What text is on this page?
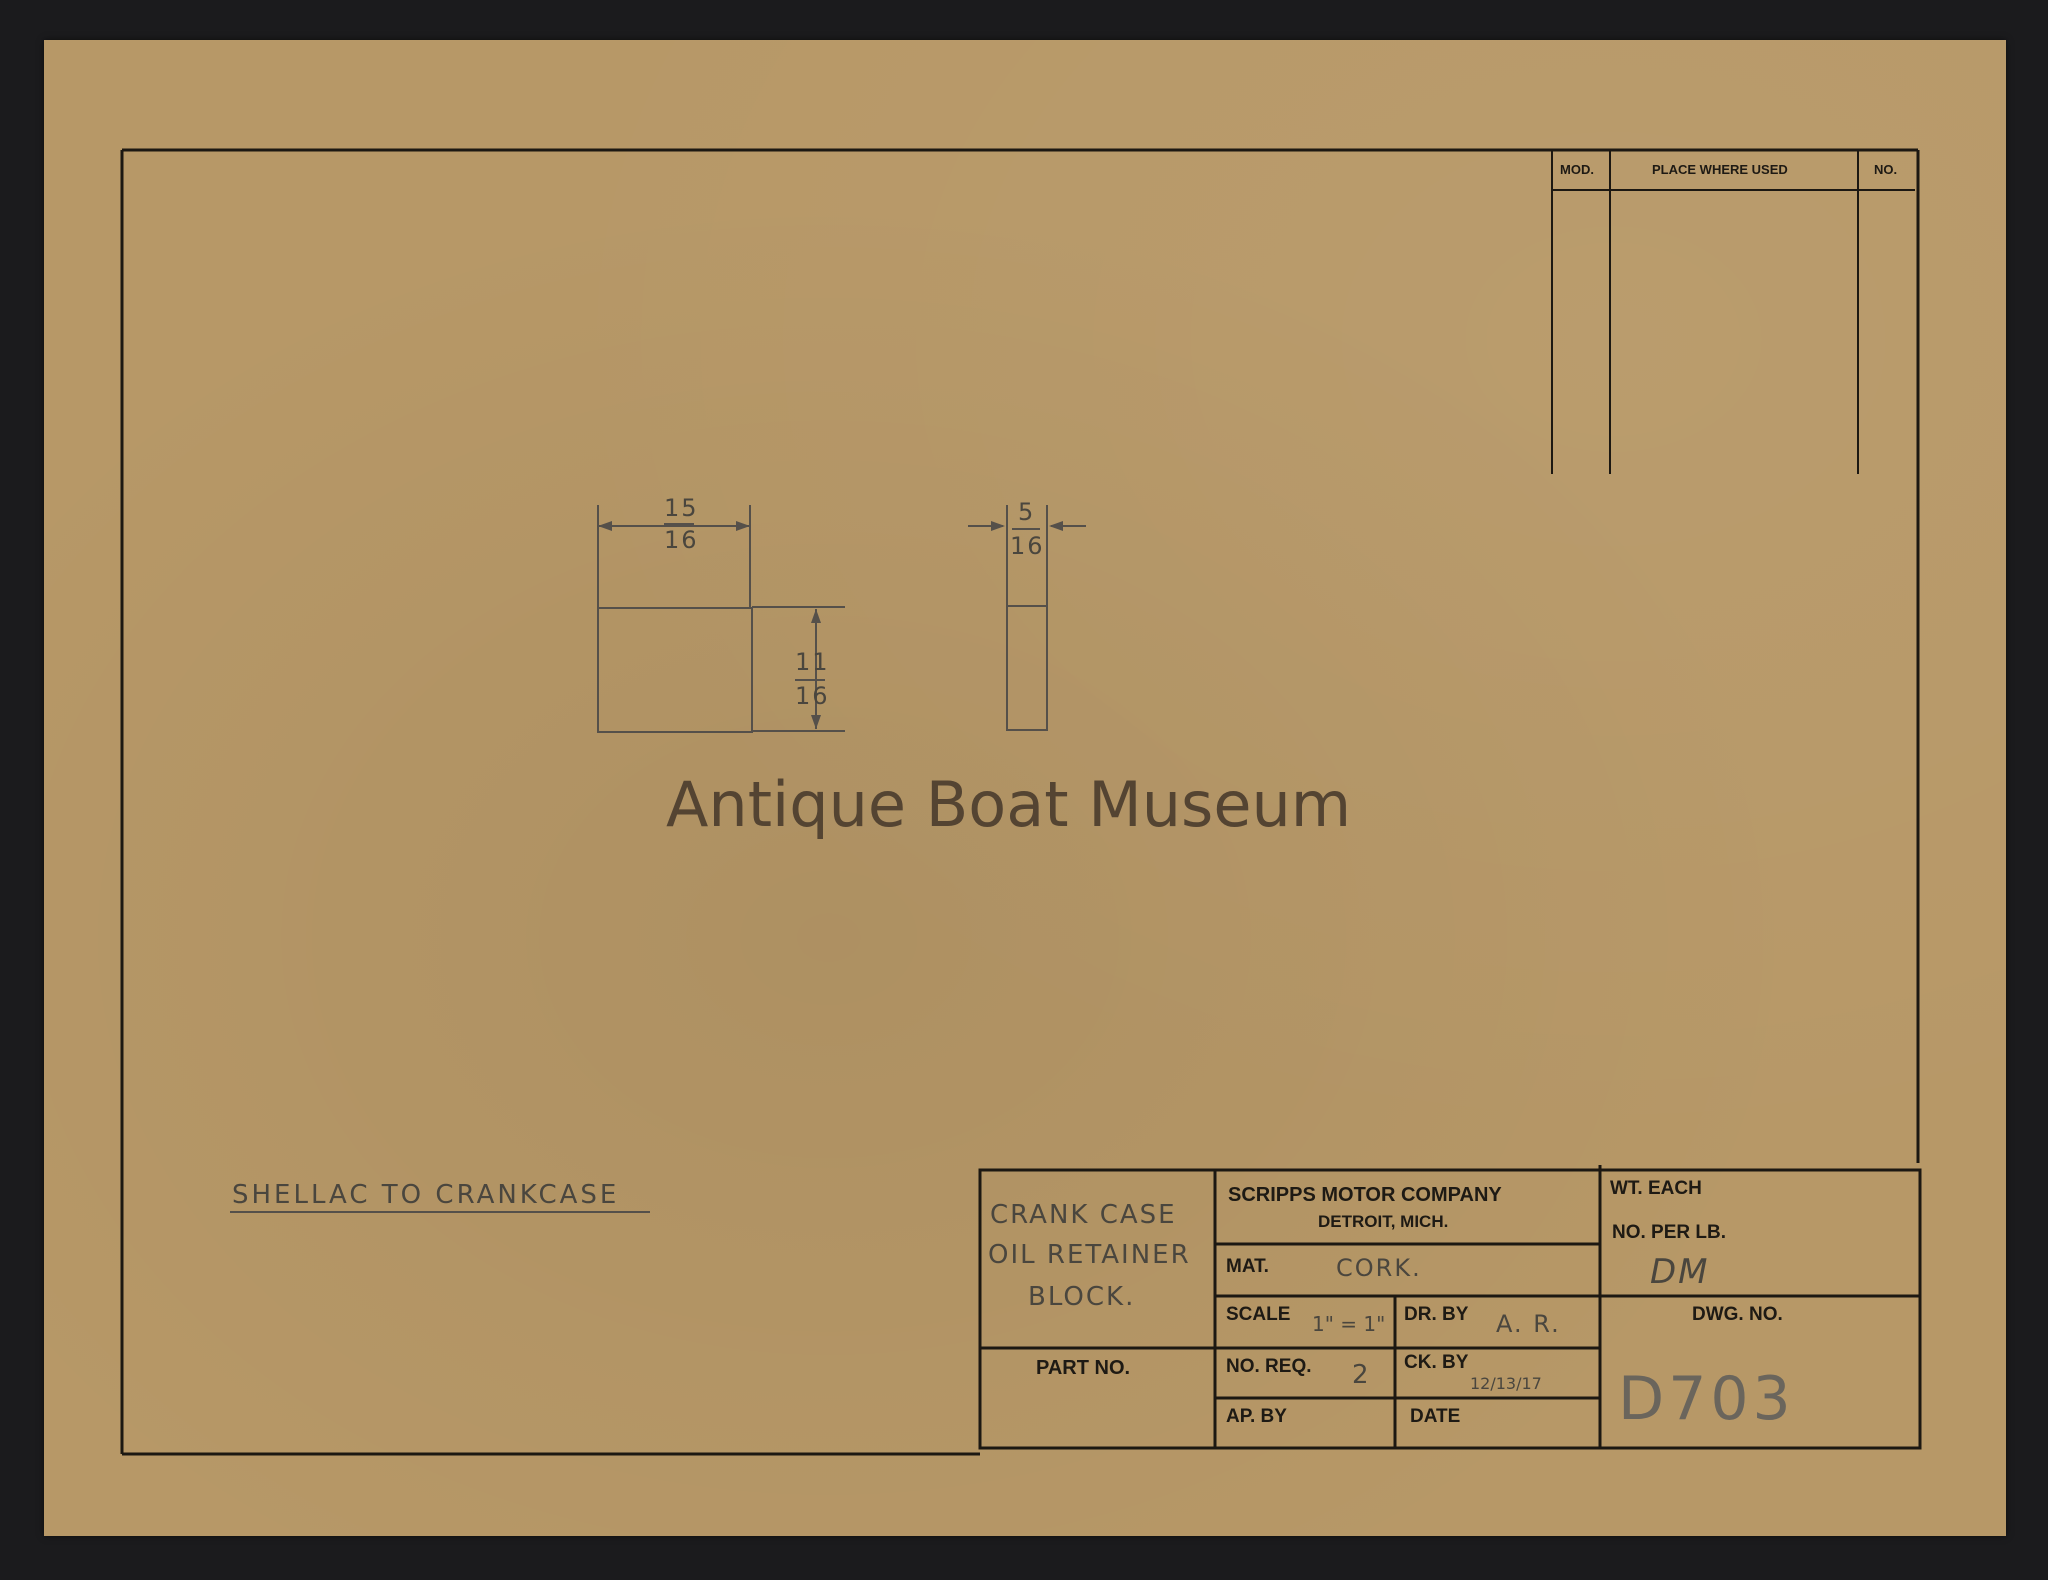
Antique Boat Museum
MOD.	PLACE WHERE USED	NO.
15
16
11
16
5
16
SHELLAC TO CRANKCASE
CRANK CASE
OIL RETAINER
BLOCK.
PART NO.
SCRIPPS MOTOR COMPANY
DETROIT, MICH.
MAT.	CORK.
SCALE 1" = 1" DR. BY A. R.
NO. REQ. 2 CK. BY
12/13/17
AP. BY	DATE
WT. EACH
NO. PER LB.
DM
DWG. NO.
D703
